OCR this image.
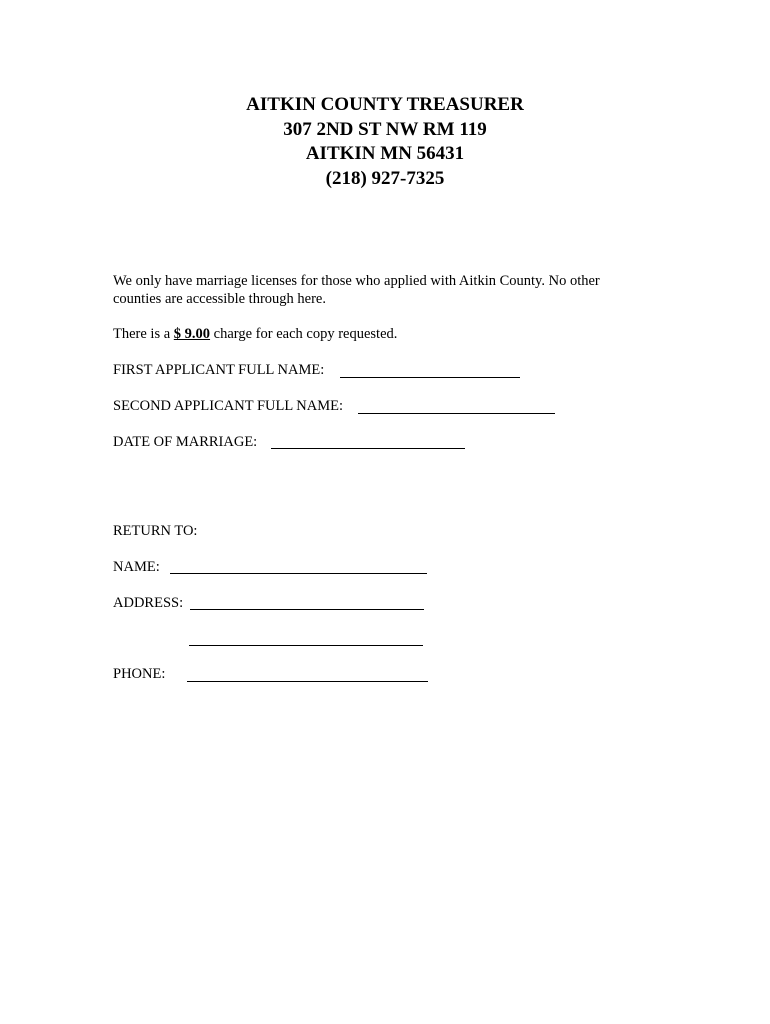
AITKIN COUNTY TREASURER
307 2ND ST NW RM 119
AITKIN MN 56431
(218) 927-7325
We only have marriage licenses for those who applied with Aitkin County. No other
counties are accessible through here.
There is a $ 9.00 charge for each copy requested.
FIRST APPLICANT FULL NAME:
SECOND APPLICANT FULL NAME:
DATE OF MARRIAGE:
RETURN TO:
NAME:
ADDRESS:
PHONE:
